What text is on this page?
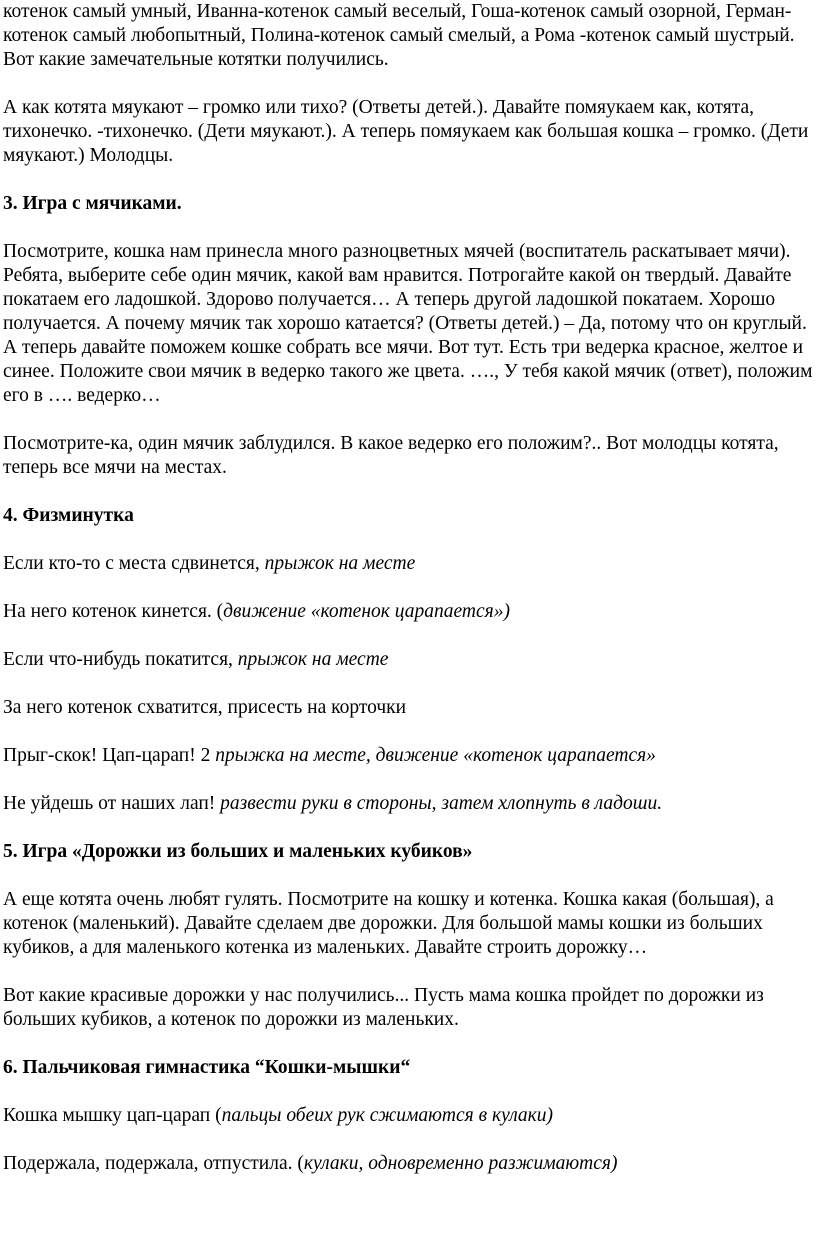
котенок самый умный, Иванна-котенок самый веселый, Гоша-котенок самый озорной, Герман-котенок самый любопытный, Полина-котенок самый смелый, а Рома -котенок самый шустрый. Вот какие замечательные котятки получились.

А как котята мяукают – громко или тихо? (Ответы детей.). Давайте помяукаем как, котята, тихонечко. -тихонечко. (Дети мяукают.). А теперь помяукаем как большая кошка – громко. (Дети мяукают.) Молодцы.

3. Игра с мячиками.

Посмотрите, кошка нам принесла много разноцветных мячей (воспитатель раскатывает мячи). Ребята, выберите себе один мячик, какой вам нравится. Потрогайте какой он твердый. Давайте покатаем его ладошкой. Здорово получается… А теперь другой ладошкой покатаем. Хорошо получается. А почему мячик так хорошо катается? (Ответы детей.) – Да, потому что он круглый. А теперь давайте поможем кошке собрать все мячи. Вот тут. Есть три ведерка красное, желтое и синее. Положите свои мячик в ведерко такого же цвета. …., У тебя какой мячик (ответ), положим его в …. ведерко…

Посмотрите-ка, один мячик заблудился. В какое ведерко его положим?.. Вот молодцы котята, теперь все мячи на местах.

4. Физминутка

Если кто-то с места сдвинется, прыжок на месте

На него котенок кинется. (движение «котенок царапается»)

Если что-нибудь покатится, прыжок на месте

За него котенок схватится, присесть на корточки

Прыг-скок! Цап-царап! 2 прыжка на месте, движение «котенок царапается»

Не уйдешь от наших лап! развести руки в стороны, затем хлопнуть в ладоши.

5. Игра «Дорожки из больших и маленьких кубиков»

А еще котята очень любят гулять. Посмотрите на кошку и котенка. Кошка какая (большая), а котенок (маленький). Давайте сделаем две дорожки. Для большой мамы кошки из больших кубиков, а для маленького котенка из маленьких. Давайте строить дорожку…

Вот какие красивые дорожки у нас получились... Пусть мама кошка пройдет по дорожки из больших кубиков, а котенок по дорожки из маленьких.

6. Пальчиковая гимнастика “Кошки-мышки“

Кошка мышку цап-царап (пальцы обеих рук сжимаются в кулаки)

Подержала, подержала, отпустила. (кулаки, одновременно разжимаются)
